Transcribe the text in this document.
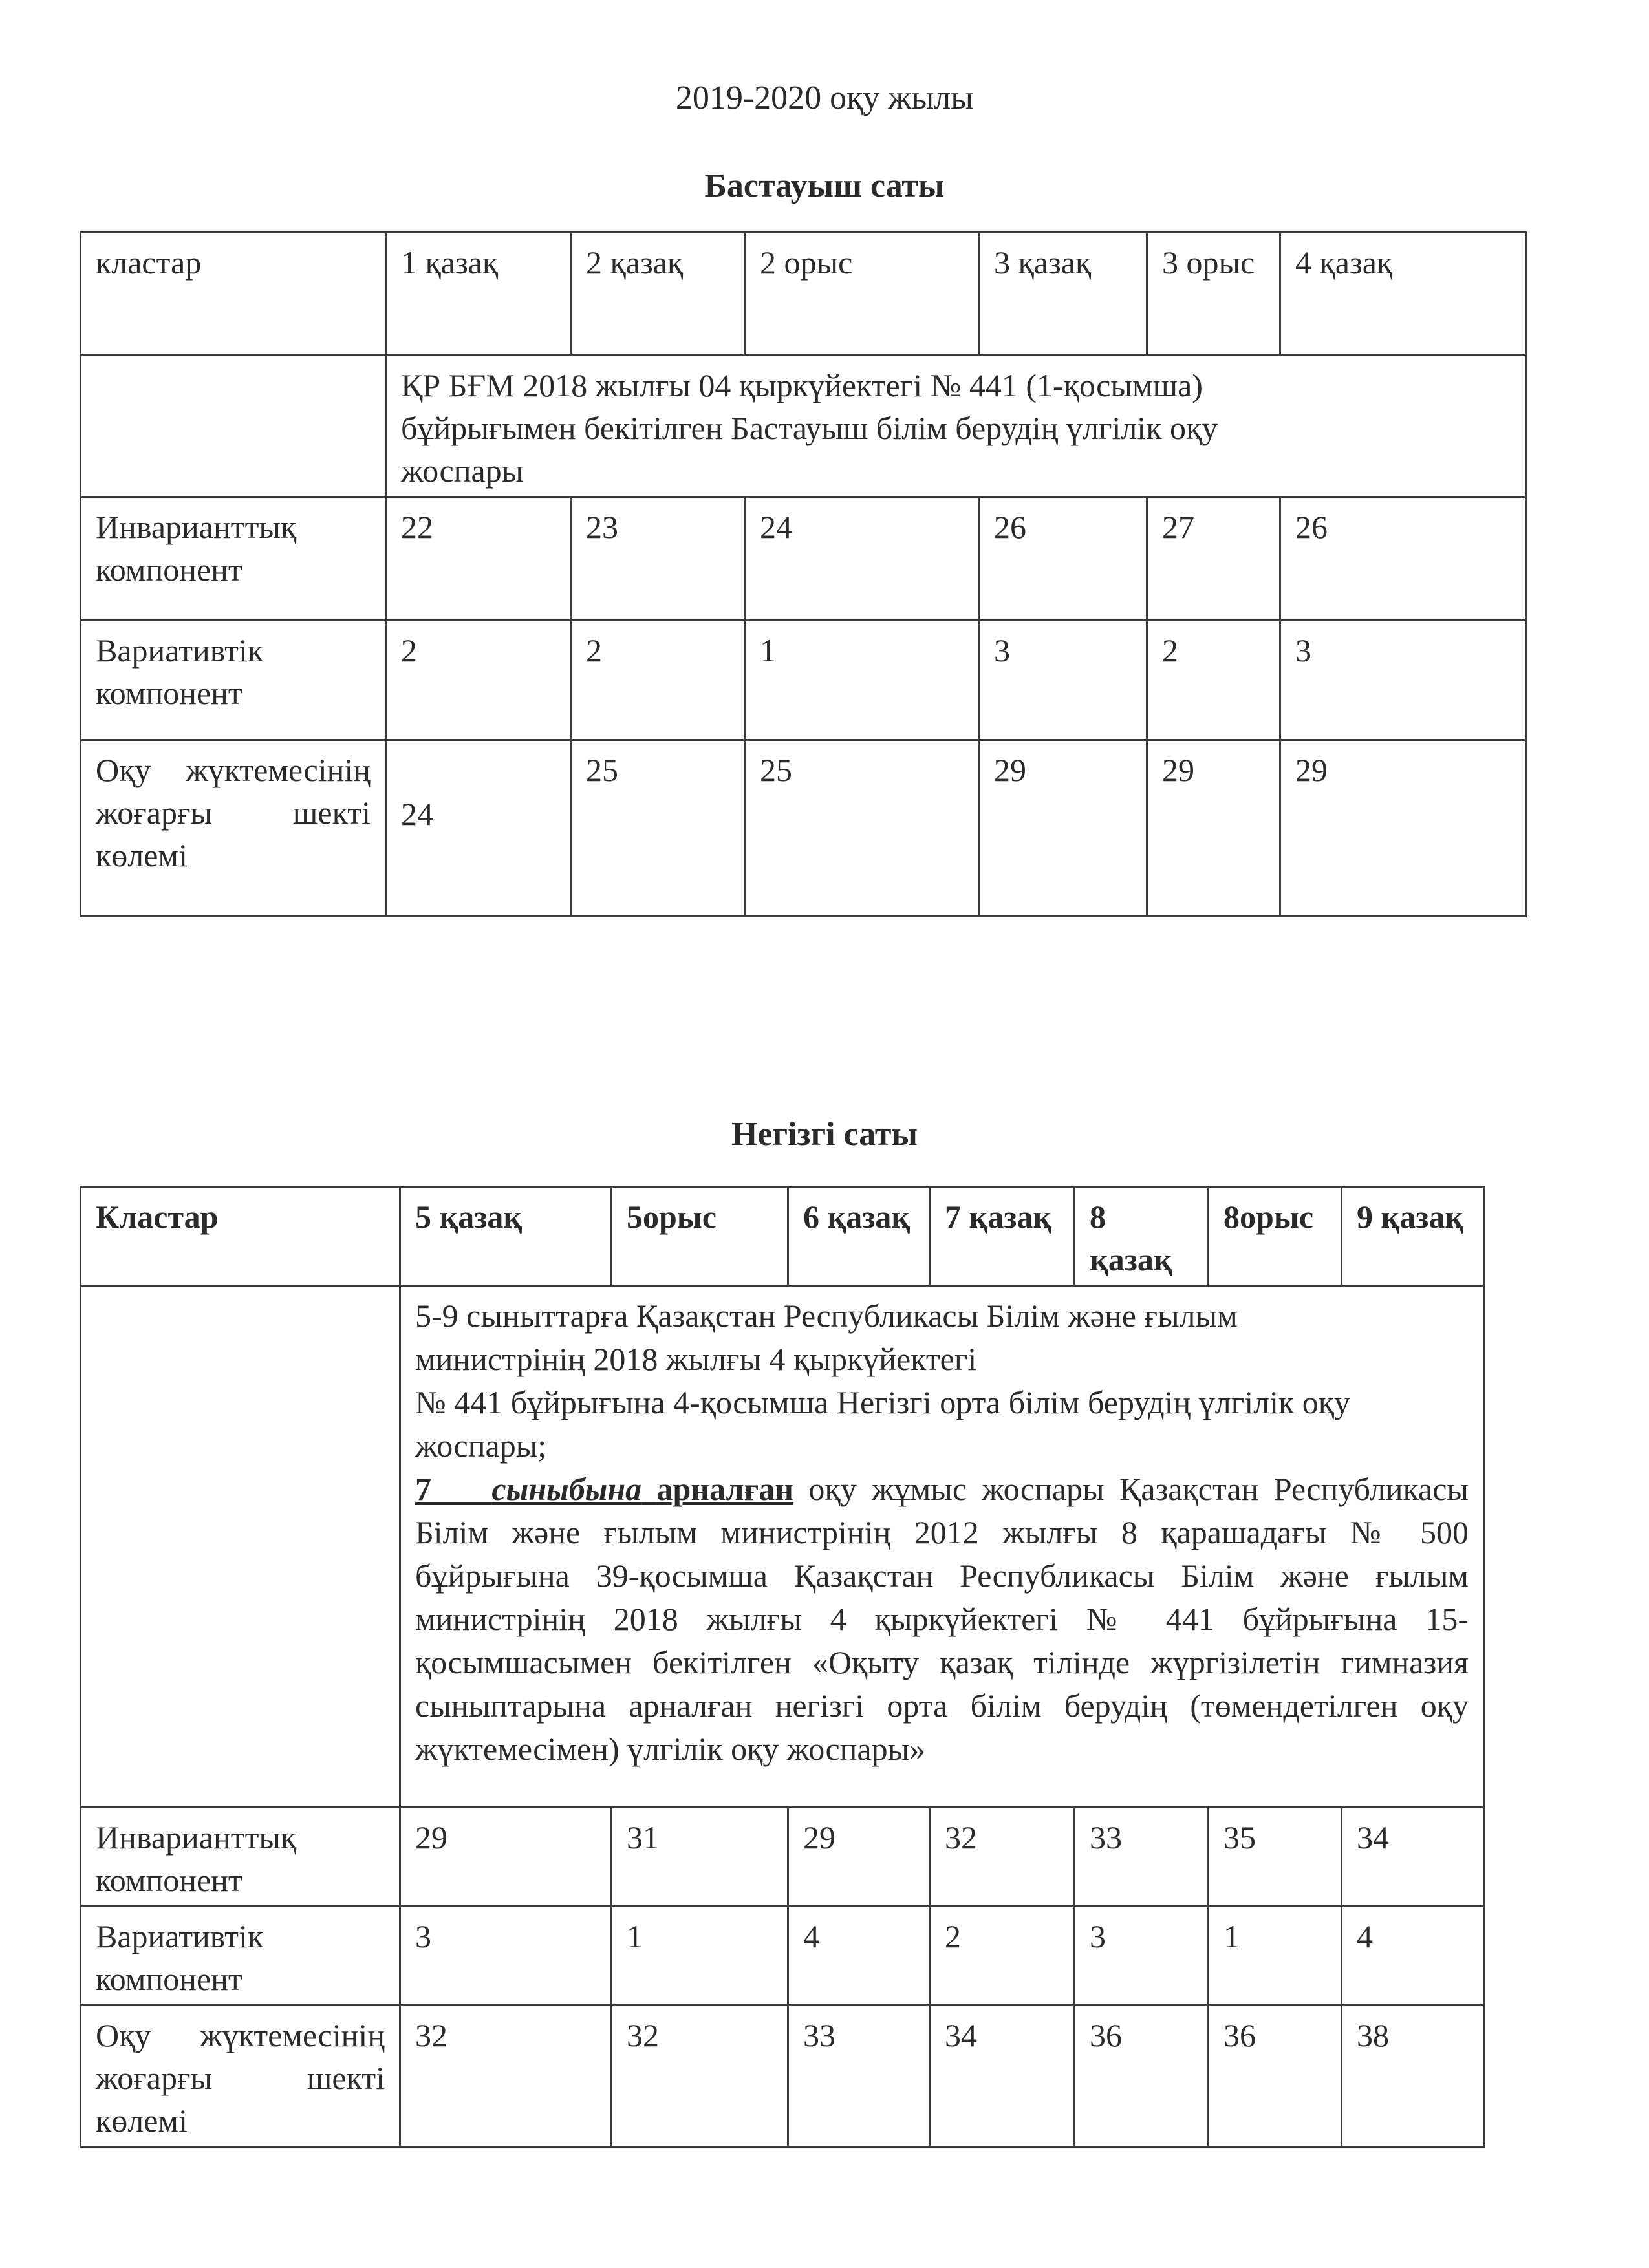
2019-2020 оқу жылы
Бастауыш саты
кластар	1 қазақ	2 қазақ	2 орыс	3 қазақ	3 орыс	4 қазақ
	ҚР БҒМ 2018 жылғы 04 қыркүйектегі № 441 (1-қосымша) бұйрығымен бекітілген Бастауыш білім берудің үлгілік оқу жоспары					
Инварианттық компонент	22	23	24	26	27	26
Вариативтік компонент	2	2	1	3	2	3
Оқу жүктемесінің жоғарғы шекті көлемі	24	25	25	29	29	29
Негізгі саты
Кластар	5 қазақ	5орыс	6 қазақ	7 қазақ	8 қазақ	8орыс	9 қазақ

	5-9 сыныттарға Қазақстан Республикасы Білім және ғылым министрінің 2018 жылғы 4 қыркүйектегі
№ 441 бұйрығына 4-қосымша Негізгі орта білім берудің үлгілік оқу жоспары;
7 сыныбына арналған оқу жұмыс жоспары Қазақстан Республикасы Білім және ғылым министрінің 2012 жылғы 8 қарашадағы № 500 бұйрығына 39-қосымша Қазақстан Республикасы Білім және ғылым министрінің 2018 жылғы 4 қыркүйектегі № 441 бұйрығына 15-қосымшасымен бекітілген «Оқыту қазақ тілінде жүргізілетін гимназия сыныптарына арналған негізгі орта білім берудің (төмендетілген оқу жүктемесімен) үлгілік оқу жоспары»						

Инварианттық компонент	29	31	29	32	33	35	34
Вариативтік компонент	3	1	4	2	3	1	4
Оқу жүктемесінің жоғарғы шекті көлемі	32	32	33	34	36	36	38
